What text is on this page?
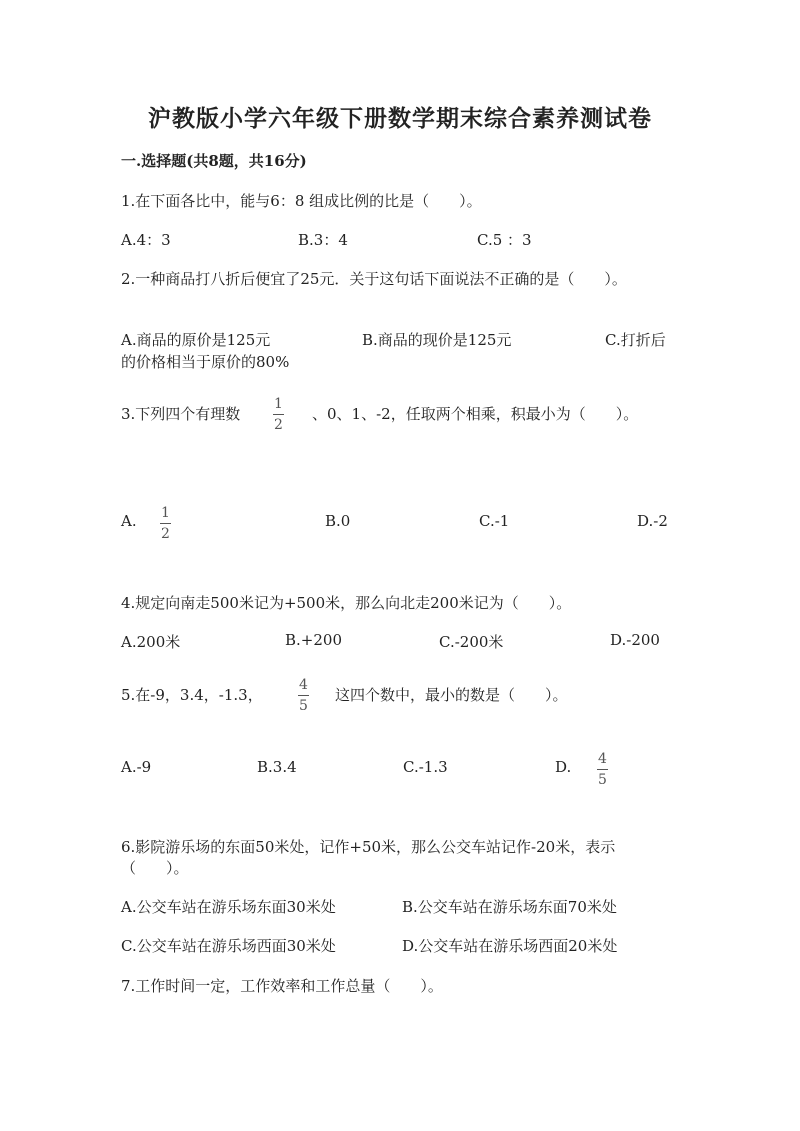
沪教版小学六年级下册数学期末综合素养测试卷
一.选择题(共8题，共16分)
1.在下面各比中，能与6：8 组成比例的比是（　　）。
A.4：3	B.3：4	C.5 ：3
2.一种商品打八折后便宜了25元．关于这句话下面说法不正确的是（　　）。
A.商品的原价是125元	B.商品的现价是125元	C.打折后
的价格相当于原价的80%
3.下列四个有理数
1
2
、0、1、-2，任取两个相乘，积最小为（　　）。
A. 1
2
B.0	C.-1	D.-2
4.规定向南走500米记为+500米，那么向北走200米记为（　　）。
A.200米	B.+200	C.-200米	D.-200
5.在-9，3.4，-1.3，
4
5
这四个数中，最小的数是（　　）。
A.-9	B.3.4	C.-1.3	D. 4
5
6.影院游乐场的东面50米处，记作+50米，那么公交车站记作-20米，表示
（　　）。
A.公交车站在游乐场东面30米处	B.公交车站在游乐场东面70米处
C.公交车站在游乐场西面30米处	D.公交车站在游乐场西面20米处
7.工作时间一定，工作效率和工作总量（　　）。
